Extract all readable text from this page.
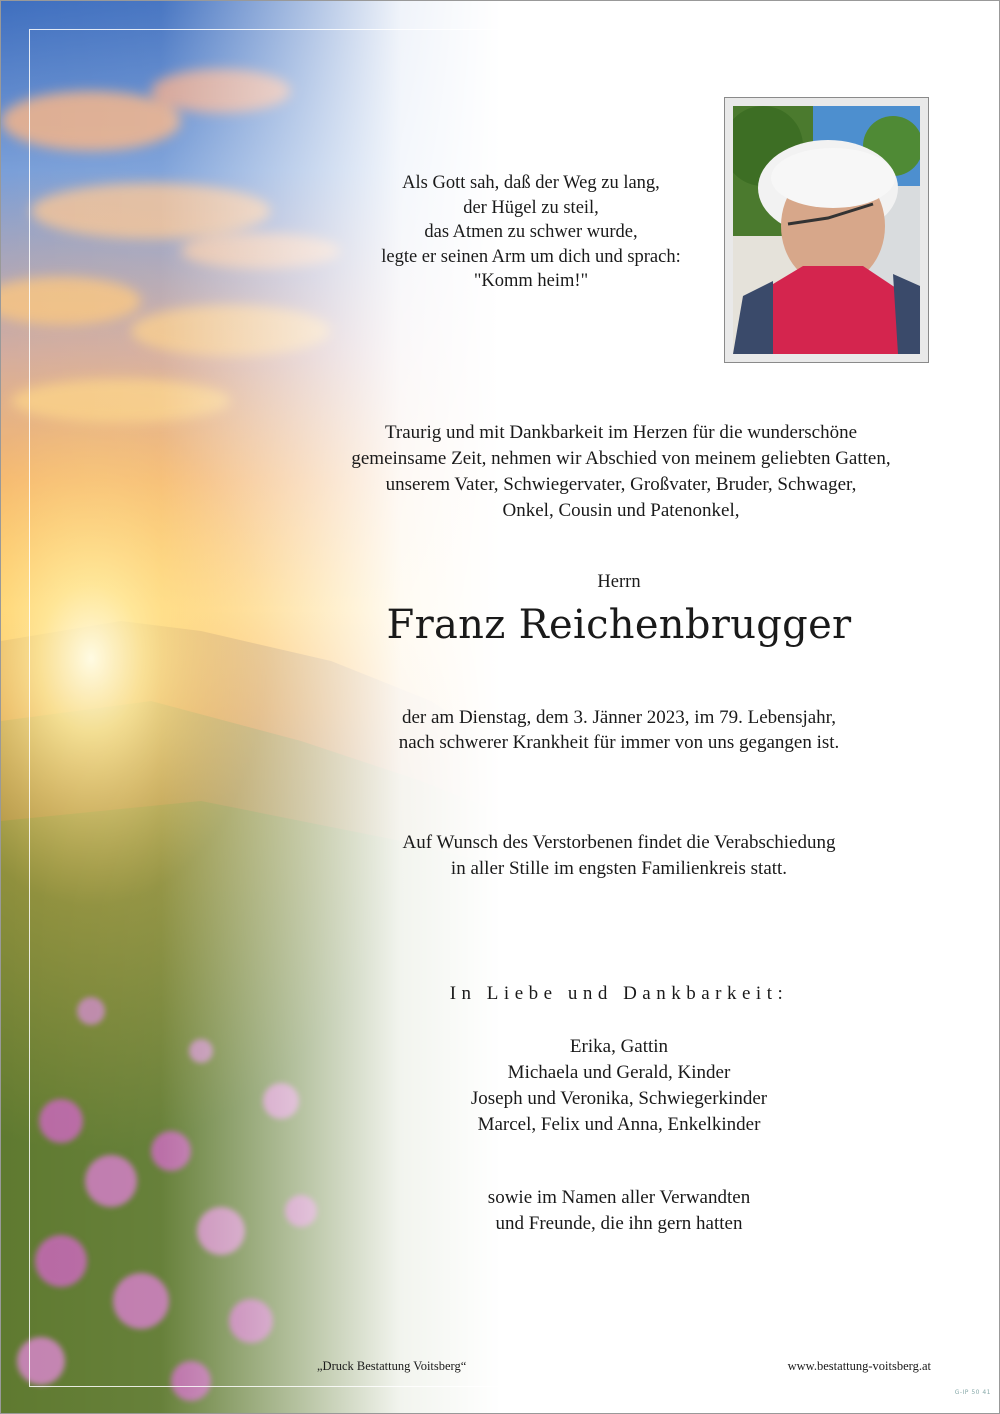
Als Gott sah, daß der Weg zu lang,
der Hügel zu steil,
das Atmen zu schwer wurde,
legte er seinen Arm um dich und sprach:
"Komm heim!"
Traurig und mit Dankbarkeit im Herzen für die wunderschöne
gemeinsame Zeit, nehmen wir Abschied von meinem geliebten Gatten,
unserem Vater, Schwiegervater, Großvater, Bruder, Schwager,
Onkel, Cousin und Patenonkel,
Herrn
Franz Reichenbrugger
der am Dienstag, dem 3. Jänner 2023, im 79. Lebensjahr,
nach schwerer Krankheit für immer von uns gegangen ist.
Auf Wunsch des Verstorbenen findet die Verabschiedung
in aller Stille im engsten Familienkreis statt.
In Liebe und Dankbarkeit:
Erika, Gattin
Michaela und Gerald, Kinder
Joseph und Veronika, Schwiegerkinder
Marcel, Felix und Anna, Enkelkinder
sowie im Namen aller Verwandten
und Freunde, die ihn gern hatten
„Druck Bestattung Voitsberg“	www.bestattung-voitsberg.at
G-IP 50 41
